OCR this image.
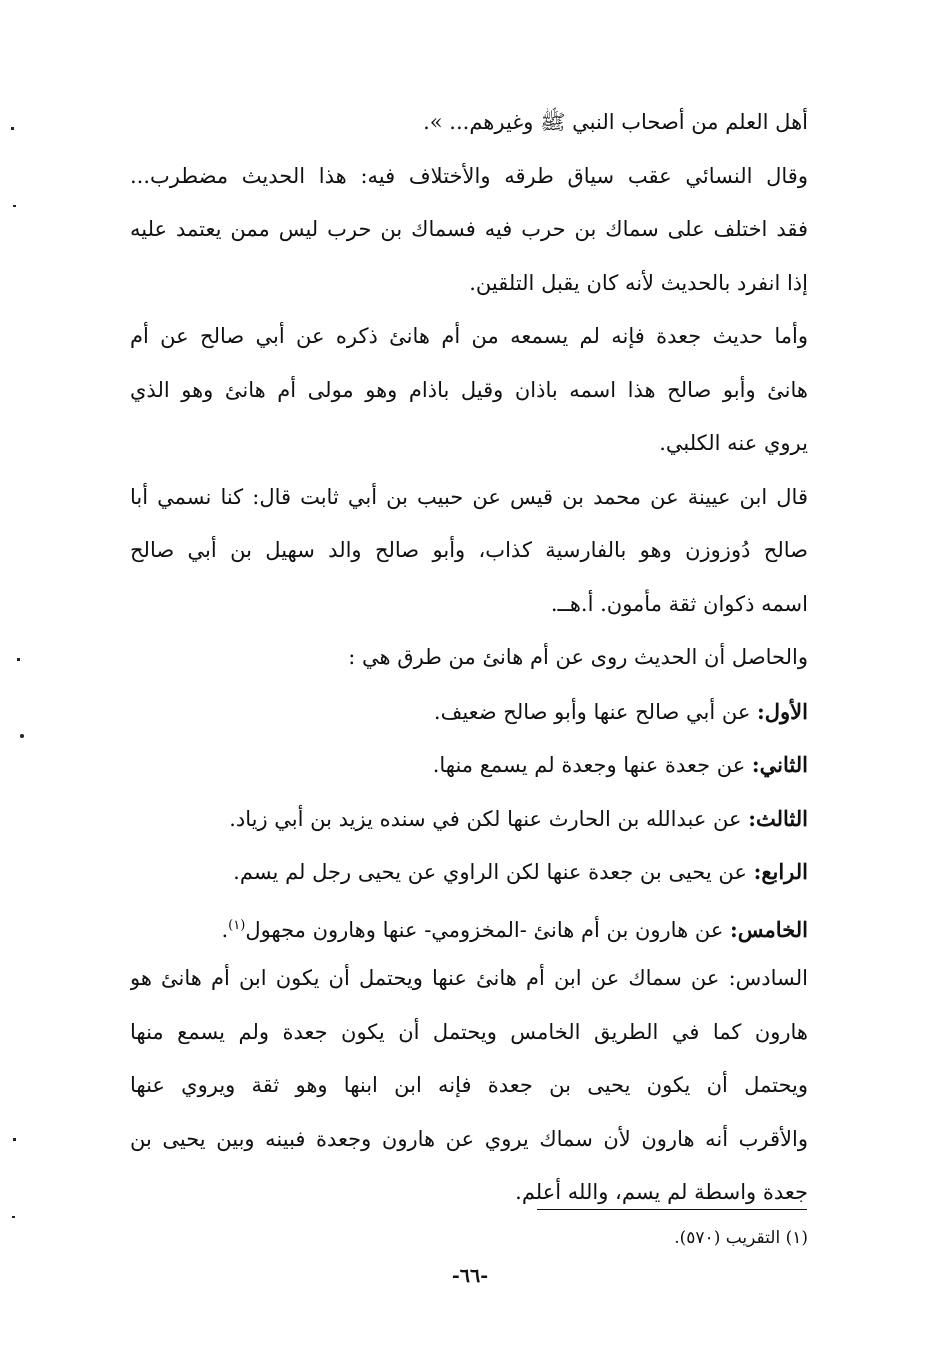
أهل العلم من أصحاب النبي ﷺ وغيرهم... ».
وقال النسائي عقب سياق طرقه والأختلاف فيه: هذا الحديث مضطرب...
فقد اختلف على سماك بن حرب فيه فسماك بن حرب ليس ممن يعتمد عليه
إذا انفرد بالحديث لأنه كان يقبل التلقين.
وأما حديث جعدة فإنه لم يسمعه من أم هانئ ذكره عن أبي صالح عن أم
هانئ وأبو صالح هذا اسمه باذان وقيل باذام وهو مولى أم هانئ وهو الذي
يروي عنه الكلبي.
قال ابن عيينة عن محمد بن قيس عن حبيب بن أبي ثابت قال: كنا نسمي أبا
صالح دُوزوزن وهو بالفارسية كذاب، وأبو صالح والد سهيل بن أبي صالح
اسمه ذكوان ثقة مأمون. أ.هــ.
والحاصل أن الحديث روى عن أم هانئ من طرق هي :
الأول: عن أبي صالح عنها وأبو صالح ضعيف.
الثاني: عن جعدة عنها وجعدة لم يسمع منها.
الثالث: عن عبدالله بن الحارث عنها لكن في سنده يزيد بن أبي زياد.
الرابع: عن يحيى بن جعدة عنها لكن الراوي عن يحيى رجل لم يسم.
الخامس: عن هارون بن أم هانئ -المخزومي- عنها وهارون مجهول$^{(١)}$.
السادس: عن سماك عن ابن أم هانئ عنها ويحتمل أن يكون ابن أم هانئ هو
هارون كما في الطريق الخامس ويحتمل أن يكون جعدة ولم يسمع منها
ويحتمل أن يكون يحيى بن جعدة فإنه ابن ابنها وهو ثقة ويروي عنها
والأقرب أنه هارون لأن سماك يروي عن هارون وجعدة فبينه وبين يحيى بن
جعدة واسطة لم يسم، والله أعلم.
(١) التقريب (٥٧٠).
-٦٦-
